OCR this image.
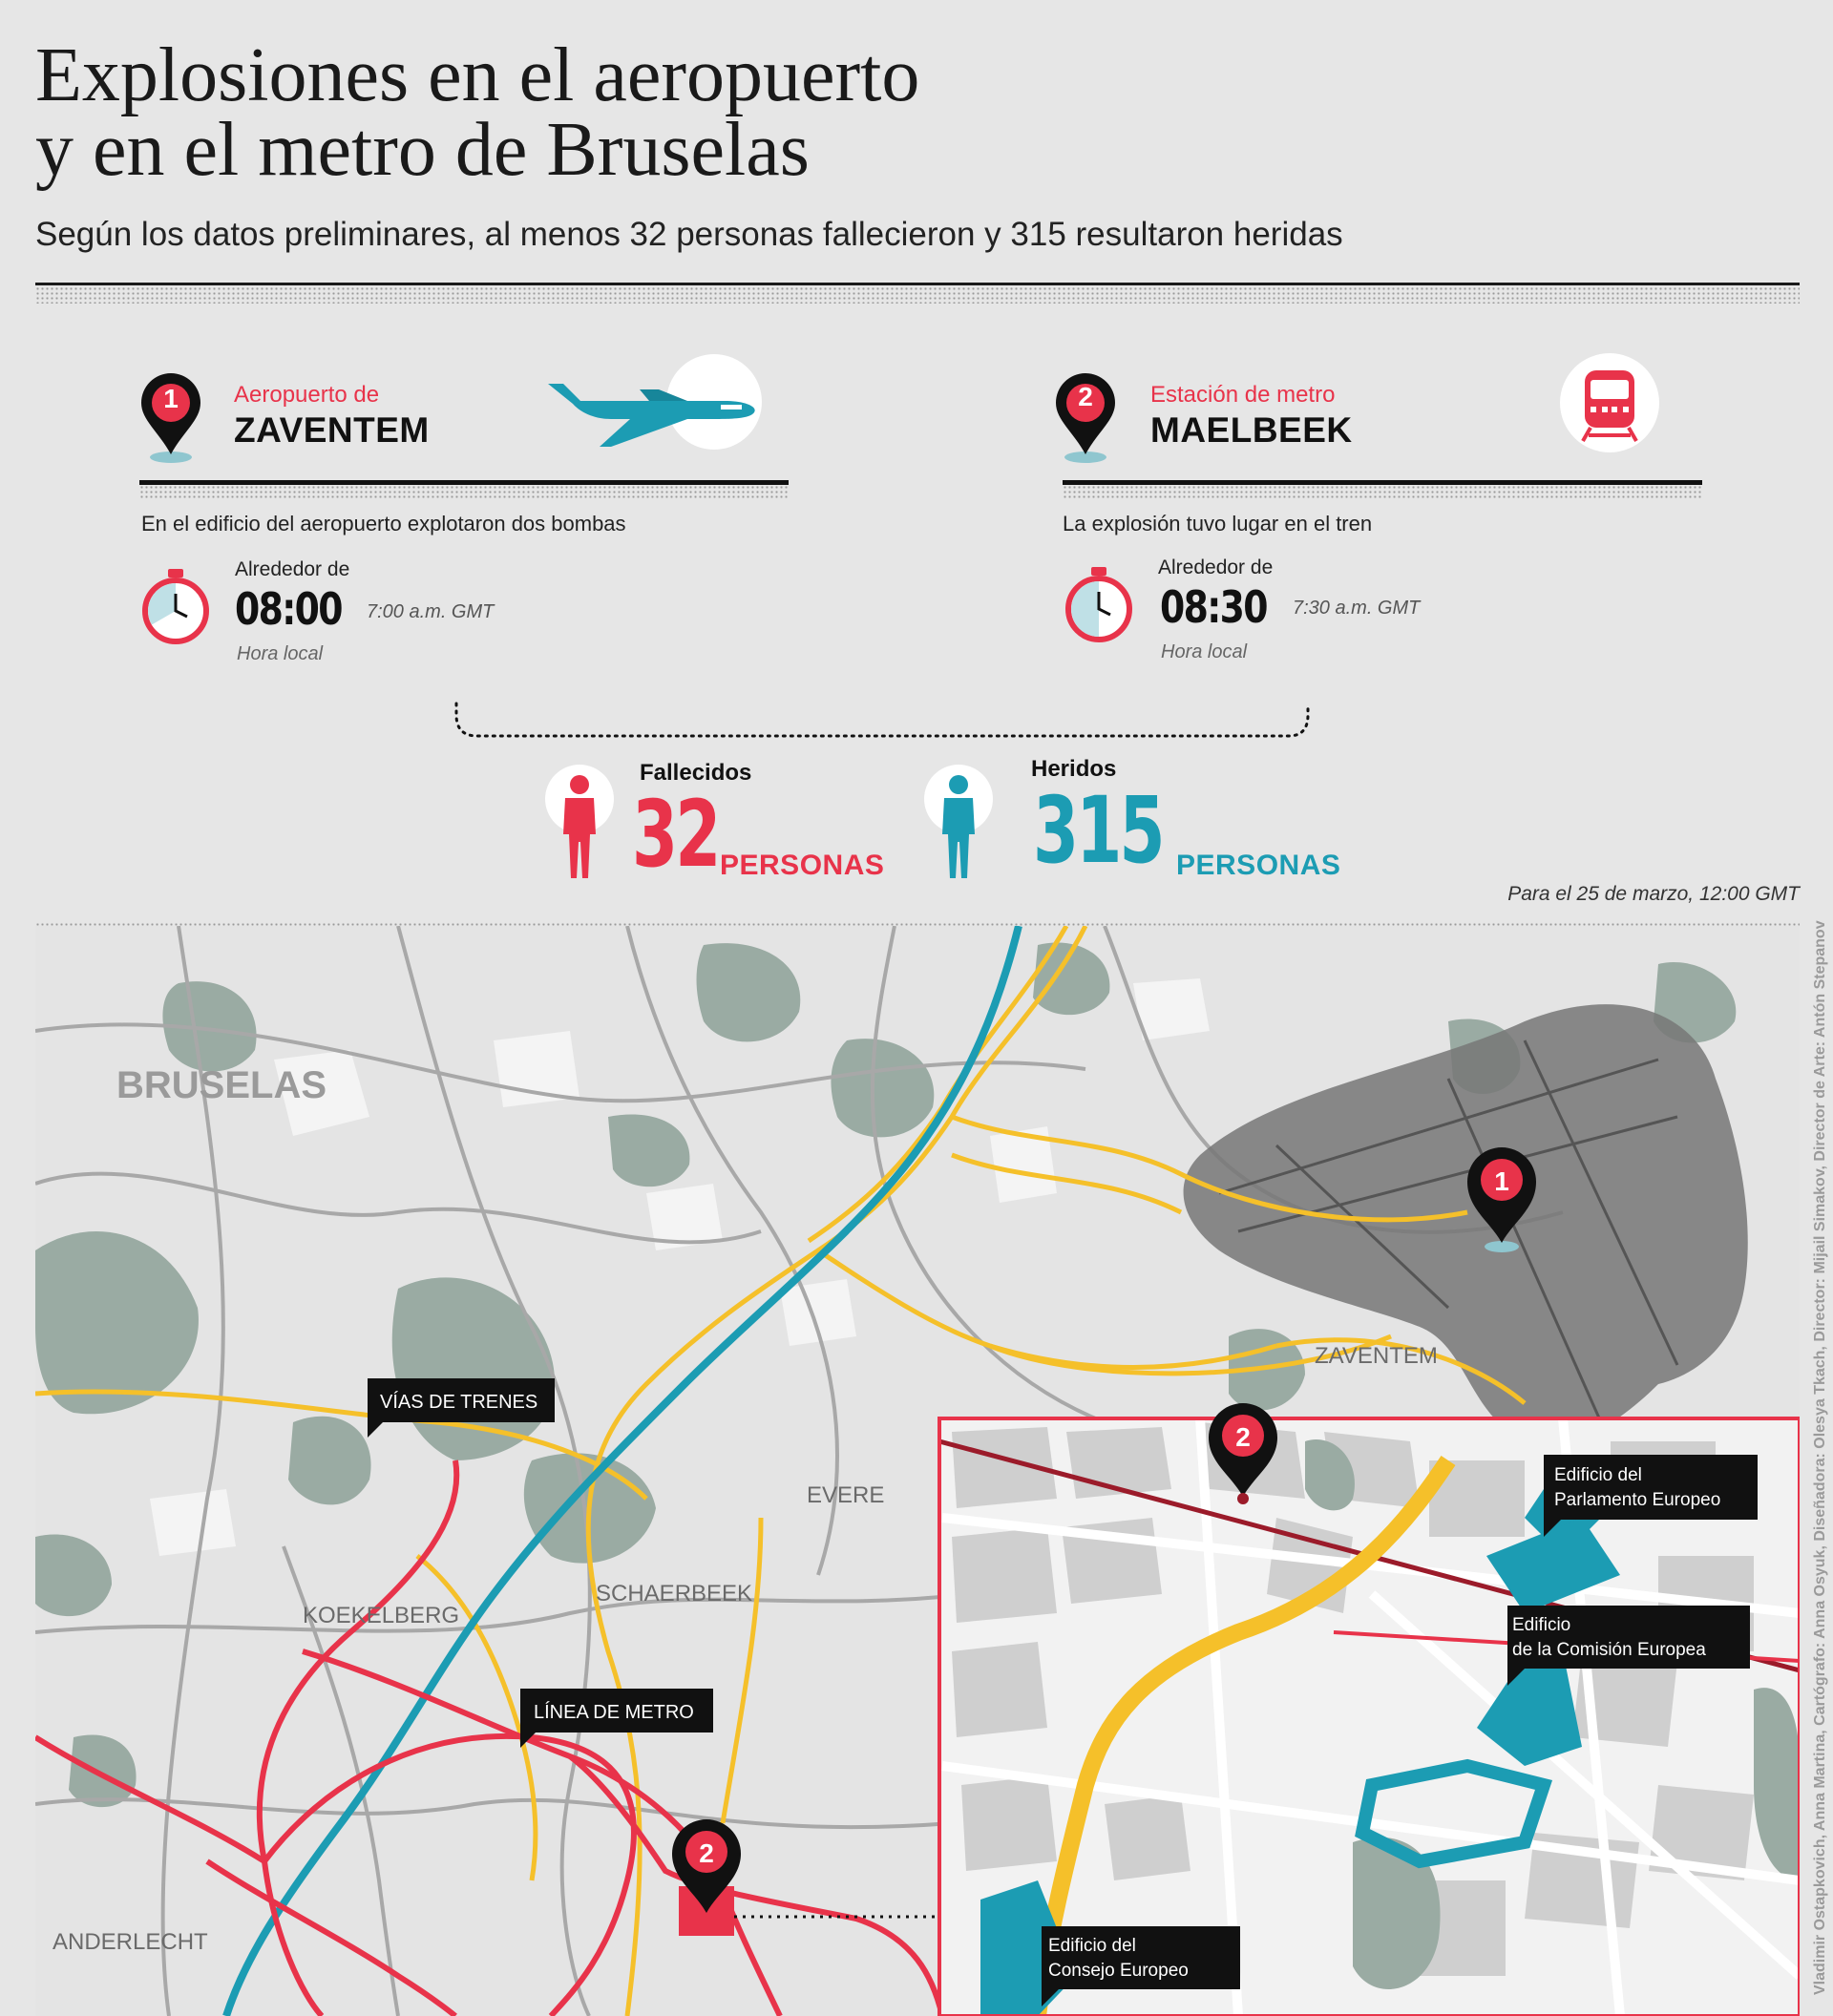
Explosiones en el aeropuerto
y en el metro de Bruselas
Según los datos preliminares, al menos 32 personas fallecieron y 315 resultaron heridas
1	Aeropuerto de
ZAVENTEM
En el edificio del aeropuerto explotaron dos bombas
Alrededor de
08:00 7:00 a.m. GMT
Hora local
2	Estación de metro
MAELBEEK
La explosión tuvo lugar en el tren
Alrededor de
08:30 7:30 a.m. GMT
Hora local
Fallecidos
32 PERSONAS
Heridos
315 PERSONAS
Para el 25 de marzo, 12:00 GMT
BRUSELAS
ZAVENTEM
EVERE
SCHAERBEEK
KOEKELBERG
ANDERLECHT
VÍAS DE TRENES
LÍNEA DE METRO
1
2
2
Edificio del
Parlamento Europeo
Edificio
de la Comisión Europea
Edificio del
Consejo Europeo	Vladimir Ostapkovich, Anna Martina, Cartógrafo: Anna Osyuk, Diseñadora: Olesya Tkach, Director: Mijail Simakov, Director de Arte: Antón Stepanov
